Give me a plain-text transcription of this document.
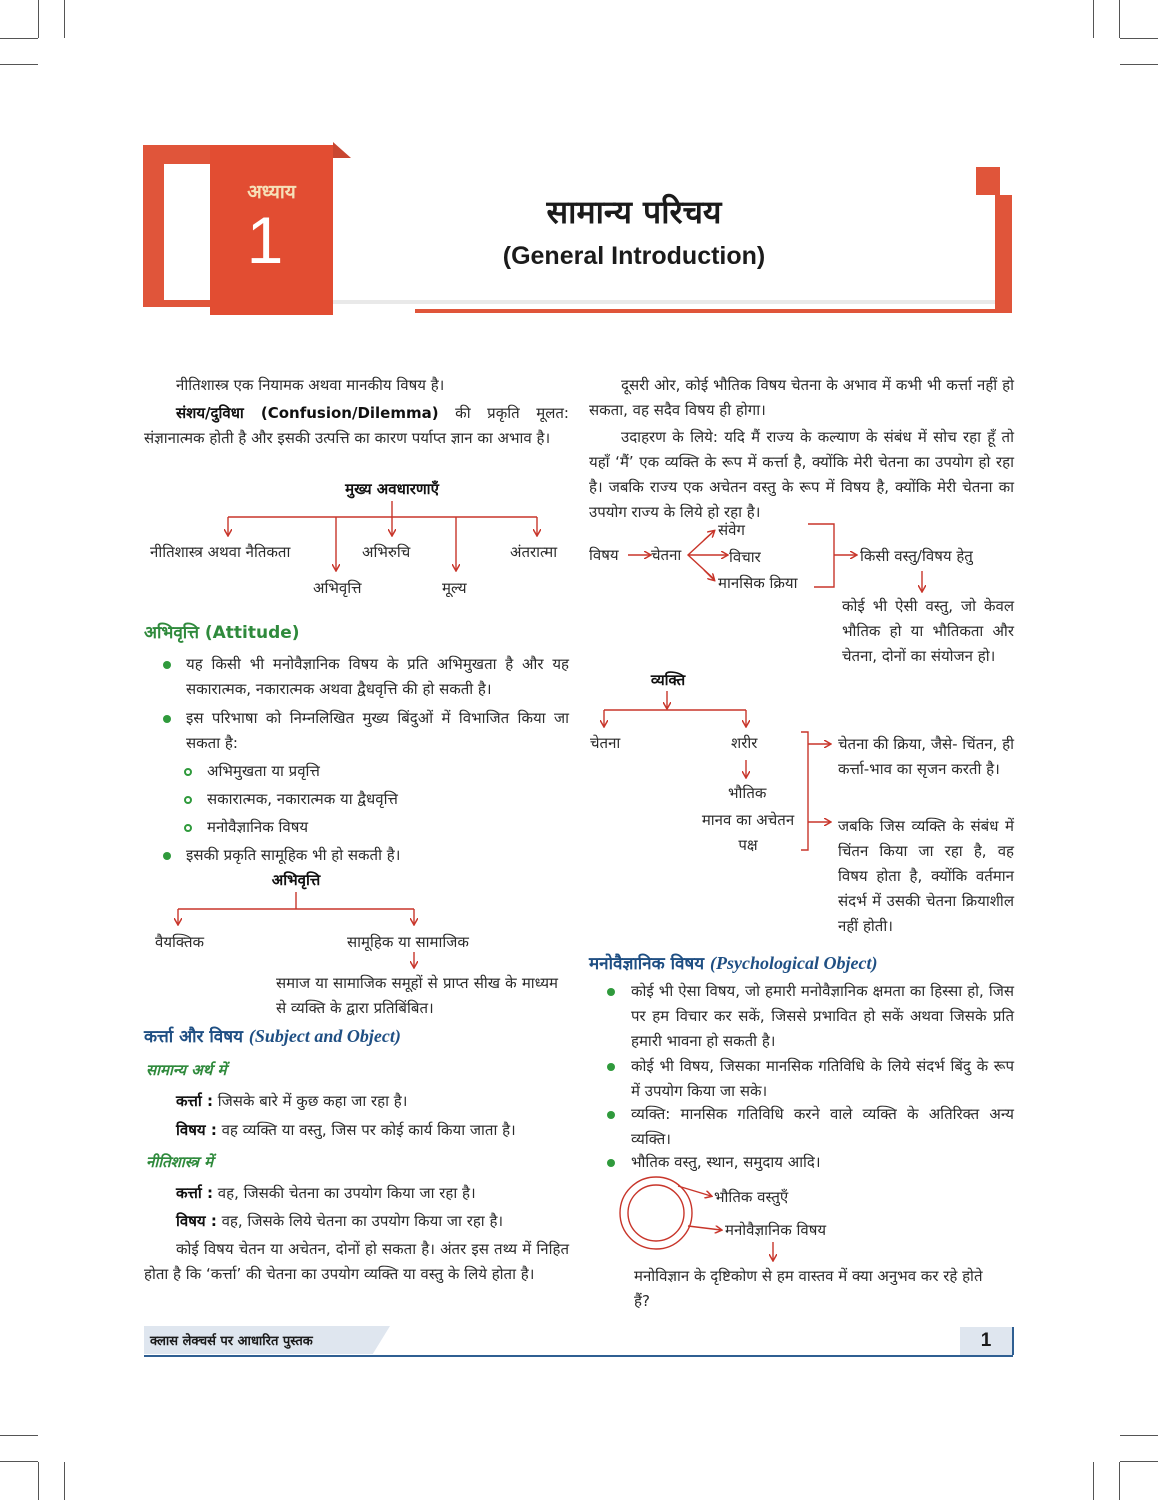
अध्याय
1	सामान्य परिचय
(General Introduction)
नीतिशास्त्र एक नियामक अथवा मानकीय विषय है।
संशय/दुविधा (Confusion/Dilemma) की प्रकृति मूलत: संज्ञानात्मक होती है और इसकी उत्पत्ति का कारण पर्याप्त ज्ञान का अभाव है।
मुख्य अवधारणाएँ
नीतिशास्त्र अथवा नैतिकता
अभिवृत्ति
अभिरुचि
मूल्य
अंतरात्मा
अभिवृत्ति (Attitude)
यह किसी भी मनोवैज्ञानिक विषय के प्रति अभिमुखता है और यह सकारात्मक, नकारात्मक अथवा द्वैधवृत्ति की हो सकती है।
इस परिभाषा को निम्नलिखित मुख्य बिंदुओं में विभाजित किया जा सकता है:
अभिमुखता या प्रवृत्ति
सकारात्मक, नकारात्मक या द्वैधवृत्ति
मनोवैज्ञानिक विषय
इसकी प्रकृति सामूहिक भी हो सकती है।
अभिवृत्ति
वैयक्तिक	सामूहिक या सामाजिक
समाज या सामाजिक समूहों से प्राप्त सीख के माध्यम से व्यक्ति के द्वारा प्रतिबिंबित।
कर्त्ता और विषय (Subject and Object)
सामान्य अर्थ में
कर्त्ता : जिसके बारे में कुछ कहा जा रहा है।
विषय : वह व्यक्ति या वस्तु, जिस पर कोई कार्य किया जाता है।
नीतिशास्त्र में
कर्त्ता : वह, जिसकी चेतना का उपयोग किया जा रहा है।
विषय : वह, जिसके लिये चेतना का उपयोग किया जा रहा है।
कोई विषय चेतन या अचेतन, दोनों हो सकता है। अंतर इस तथ्य में निहित होता है कि ‘कर्त्ता’ की चेतना का उपयोग व्यक्ति या वस्तु के लिये होता है।
दूसरी ओर, कोई भौतिक विषय चेतना के अभाव में कभी भी कर्त्ता नहीं हो सकता, वह सदैव विषय ही होगा।
उदाहरण के लिये: यदि मैं राज्य के कल्याण के संबंध में सोच रहा हूँ तो यहाँ ‘मैं’ एक व्यक्ति के रूप में कर्त्ता है, क्योंकि मेरी चेतना का उपयोग हो रहा है। जबकि राज्य एक अचेतन वस्तु के रूप में विषय है, क्योंकि मेरी चेतना का उपयोग राज्य के लिये हो रहा है।
विषय चेतना
संवेग
विचार
मानसिक क्रिया
किसी वस्तु/विषय हेतु
कोई भी ऐसी वस्तु, जो केवल भौतिक हो या भौतिकता और चेतना, दोनों का संयोजन हो।
व्यक्ति
चेतना	शरीर
भौतिक
मानव का अचेतन पक्ष
चेतना की क्रिया, जैसे- चिंतन, ही कर्त्ता-भाव का सृजन करती है।
जबकि जिस व्यक्ति के संबंध में चिंतन किया जा रहा है, वह विषय होता है, क्योंकि वर्तमान संदर्भ में उसकी चेतना क्रियाशील नहीं होती।
मनोवैज्ञानिक विषय (Psychological Object)
कोई भी ऐसा विषय, जो हमारी मनोवैज्ञानिक क्षमता का हिस्सा हो, जिस पर हम विचार कर सकें, जिससे प्रभावित हो सकें अथवा जिसके प्रति हमारी भावना हो सकती है।
कोई भी विषय, जिसका मानसिक गतिविधि के लिये संदर्भ बिंदु के रूप में उपयोग किया जा सके।
व्यक्ति: मानसिक गतिविधि करने वाले व्यक्ति के अतिरिक्त अन्य व्यक्ति।
भौतिक वस्तु, स्थान, समुदाय आदि।
भौतिक वस्तुएँ
मनोवैज्ञानिक विषय
मनोविज्ञान के दृष्टिकोण से हम वास्तव में क्या अनुभव कर रहे होते हैं?
क्लास लेक्चर्स पर आधारित पुस्तक	1
